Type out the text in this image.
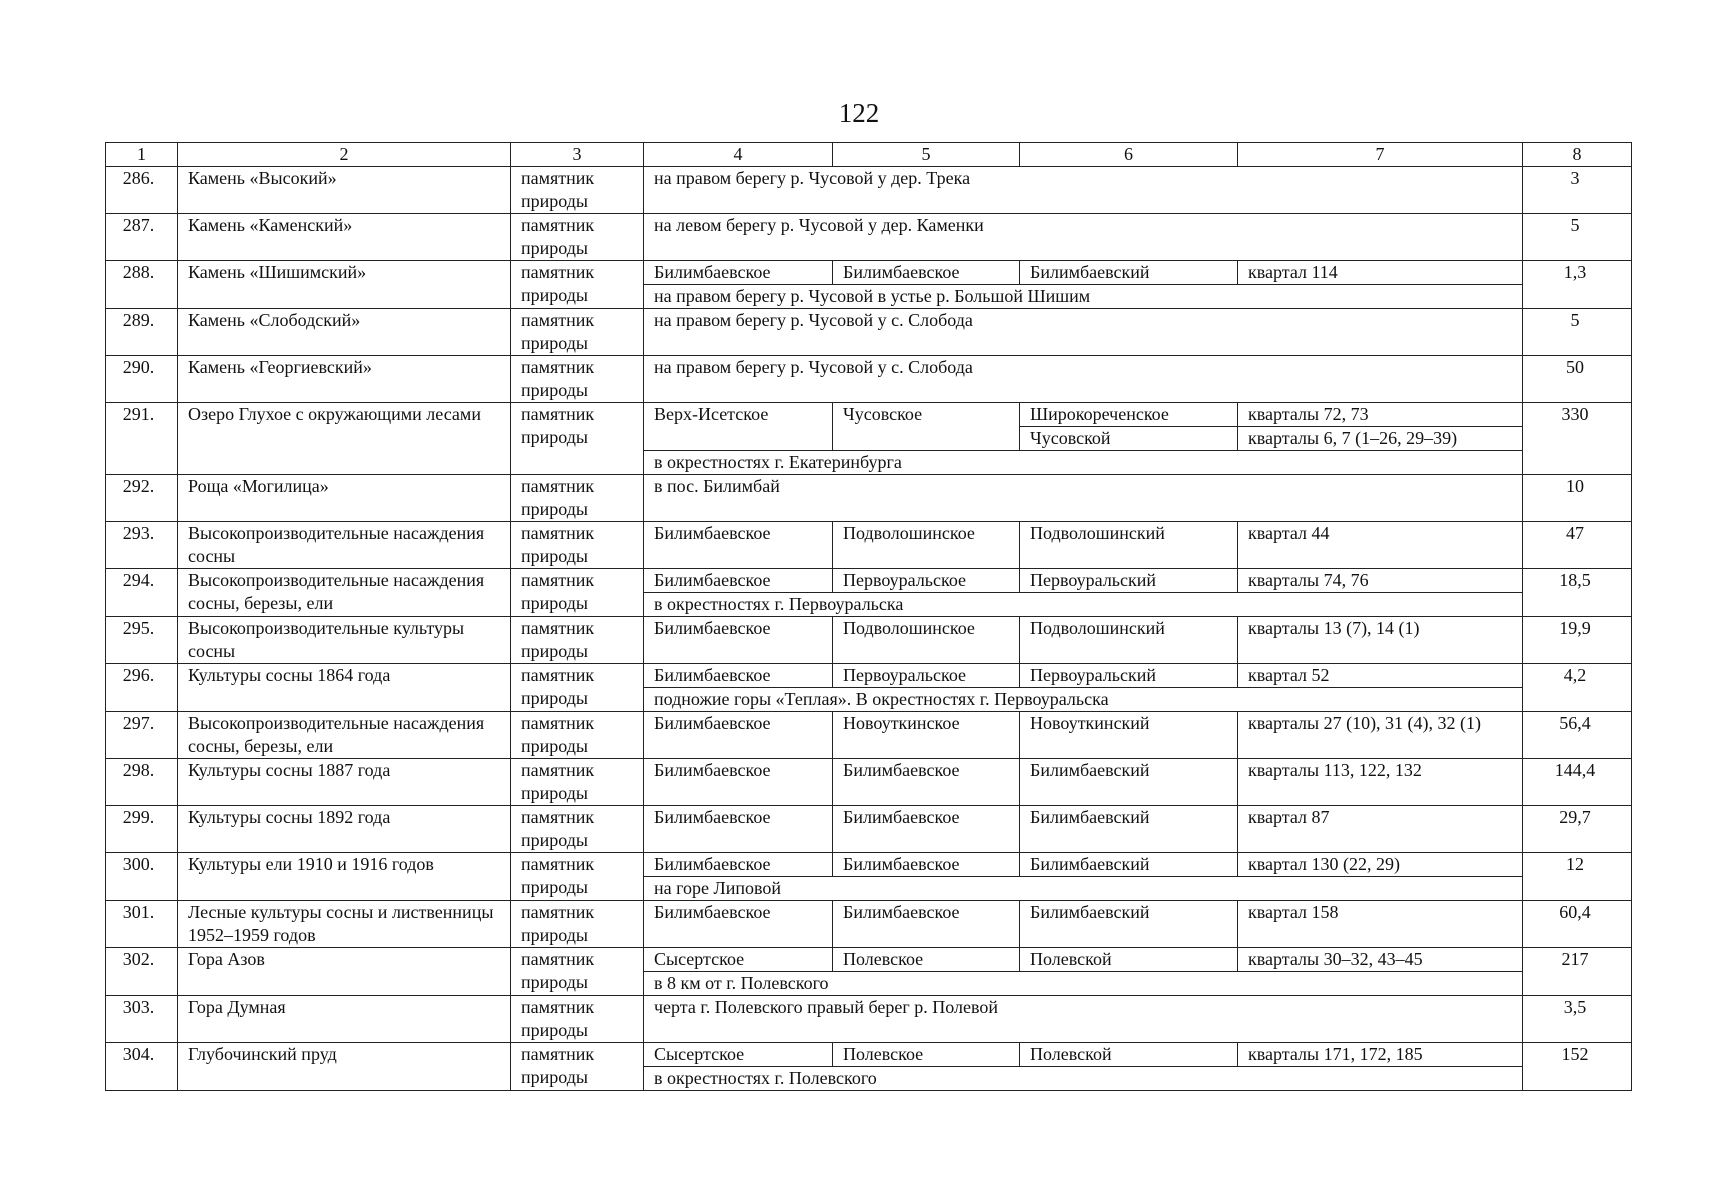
122
1	2	3	4	5	6	7	8
286.	Камень «Высокий»	памятник природы	на правом берегу р. Чусовой у дер. Трека				3
287.	Камень «Каменский»	памятник природы	на левом берегу р. Чусовой у дер. Каменки				5
288.	Камень «Шишимский»	памятник природы	Билимбаевское	Билимбаевское	Билимбаевский	квартал 114	1,3
			на правом берегу р. Чусовой в устье р. Большой Шишим				
289.	Камень «Слободский»	памятник природы	на правом берегу р. Чусовой у с. Слобода				5
290.	Камень «Георгиевский»	памятник природы	на правом берегу р. Чусовой у с. Слобода				50
291.	Озеро Глухое с окружающими лесами	памятник природы	Верх-Исетское	Чусовское	Широкореченское	кварталы 72, 73	330
					Чусовской	кварталы 6, 7 (1–26, 29–39)	
			в окрестностях г. Екатеринбурга				
292.	Роща «Могилица»	памятник природы	в пос. Билимбай				10
293.	Высокопроизводительные насаждения сосны	памятник природы	Билимбаевское	Подволошинское	Подволошинский	квартал 44	47
294.	Высокопроизводительные насаждения сосны, березы, ели	памятник природы	Билимбаевское	Первоуральское	Первоуральский	кварталы 74, 76	18,5
			в окрестностях г. Первоуральска				
295.	Высокопроизводительные культуры сосны	памятник природы	Билимбаевское	Подволошинское	Подволошинский	кварталы 13 (7), 14 (1)	19,9
296.	Культуры сосны 1864 года	памятник природы	Билимбаевское	Первоуральское	Первоуральский	квартал 52	4,2
			подножие горы «Теплая». В окрестностях г. Первоуральска				
297.	Высокопроизводительные насаждения сосны, березы, ели	памятник природы	Билимбаевское	Новоуткинское	Новоуткинский	кварталы 27 (10), 31 (4), 32 (1)	56,4
298.	Культуры сосны 1887 года	памятник природы	Билимбаевское	Билимбаевское	Билимбаевский	кварталы 113, 122, 132	144,4
299.	Культуры сосны 1892 года	памятник природы	Билимбаевское	Билимбаевское	Билимбаевский	квартал 87	29,7
300.	Культуры ели 1910 и 1916 годов	памятник природы	Билимбаевское	Билимбаевское	Билимбаевский	квартал 130 (22, 29)	12
			на горе Липовой				
301.	Лесные культуры сосны и лиственницы 1952–1959 годов	памятник природы	Билимбаевское	Билимбаевское	Билимбаевский	квартал 158	60,4
302.	Гора Азов	памятник природы	Сысертское	Полевское	Полевской	кварталы 30–32, 43–45	217
			в 8 км от г. Полевского				
303.	Гора Думная	памятник природы	черта г. Полевского правый берег р. Полевой				3,5
304.	Глубочинский пруд	памятник природы	Сысертское	Полевское	Полевской	кварталы 171, 172, 185	152
			в окрестностях г. Полевского				
